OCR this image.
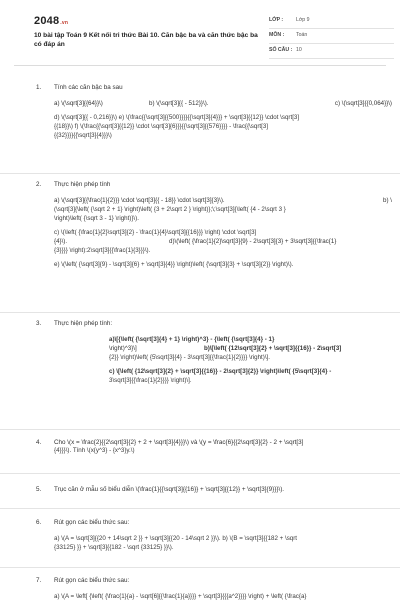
2048.vn
10 bài tập Toán 9 Kết nối tri thức Bài 10. Căn bậc ba và căn thức bậc ba có đáp án
LỚP :	Lớp 9
MÔN :	Toán
SỐ CÂU : 10
1.	Tính các căn bậc ba sau
a) \(\sqrt[3]{{64}}\)	b) \(\sqrt[3]{{ - 512}}\).	c) \(\sqrt[3]{{0,064}}\)
d) \(\sqrt[3]{{ - 0,216}}\) e) \(\frac{{\sqrt[3]{{500}}}}{{\sqrt[3]{4}}} + \sqrt[3]{{12}} \cdot \sqrt[3]
{{18}}\) f) \(\frac{{\sqrt[3]{{12}} \cdot \sqrt[3]{6}}}{{\sqrt[3]{{576}}}} - \frac{{\sqrt[3]
{{32}}}}{{\sqrt[3]{4}}}\)
2.	Thực hiện phép tính
a) \(\sqrt[3]{{\frac{1}{2}}} \cdot \sqrt[3]{{ - 18}} \cdot \sqrt[3]{3}\).	b) \
(\sqrt[3]{\left( {\sqrt 2 + 1} \right)\left( {3 + 2\sqrt 2 } \right)};\;\sqrt[3]{\left( {4 - 2\sqrt 3 }
\right)\left( {\sqrt 3 - 1} \right)}\).
c) \(\left( {\frac{1}{2}\sqrt[3]{2} - \frac{1}{4}\sqrt[3]{{16}}} \right) \cdot \sqrt[3]
{4}\).	d)\(\left( {\frac{1}{2}\sqrt[3]{9} - 2\sqrt[3]{3} + 3\sqrt[3]{{\frac{1}
{3}}}} \right):2\sqrt[3]{{\frac{1}{3}}}\).
e) \(\left( {\sqrt[3]{9} - \sqrt[3]{6} + \sqrt[3]{4}} \right)\left( {\sqrt[3]{3} + \sqrt[3]{2}} \right)\).
3.	Thực hiện phép tính:
a)\[{\left( {\sqrt[3]{4} + 1} \right)^3} - {\left( {\sqrt[3]{4} - 1}
\right)^3}\]	b)\[\left( {12\sqrt[3]{2} + \sqrt[3]{{16}} - 2\sqrt[3]
{2}} \right)\left( {5\sqrt[3]{4} - 3\sqrt[3]{{\frac{1}{2}}}} \right)\].
c) \[\left( {12\sqrt[3]{2} + \sqrt[3]{{16}} - 2\sqrt[3]{2}} \right)\left( {5\sqrt[3]{4} -
3\sqrt[3]{{\frac{1}{2}}}} \right)\].
4.	Cho \(x = \frac{2}{{2\sqrt[3]{2} + 2 + \sqrt[3]{4}}}\) và \(y = \frac{6}{{2\sqrt[3]{2} - 2 + \sqrt[3]
{4}}}\). Tính \(x{y^3} - {x^3}y.\)
5.	Trục căn ở mẫu số biểu diễn \(\frac{1}{{\sqrt[3]{{16}} + \sqrt[3]{{12}} + \sqrt[3]{9}}}\).
6.	Rút gọn các biểu thức sau:
a) \(A = \sqrt[3]{{20 + 14\sqrt 2 }} + \sqrt[3]{{20 - 14\sqrt 2 }}\). b) \(B = \sqrt[3]{{182 + \sqrt
{33125} }} + \sqrt[3]{{182 - \sqrt {33125} }}\).
7.	Rút gọn các biểu thức sau:
a) \(A = \left[ {\left( {\frac{1}{a} - \sqrt[6]{{\frac{1}{a}}}} + \sqrt[3]{{{a^2}}}} \right) + \left( {\frac{a}
